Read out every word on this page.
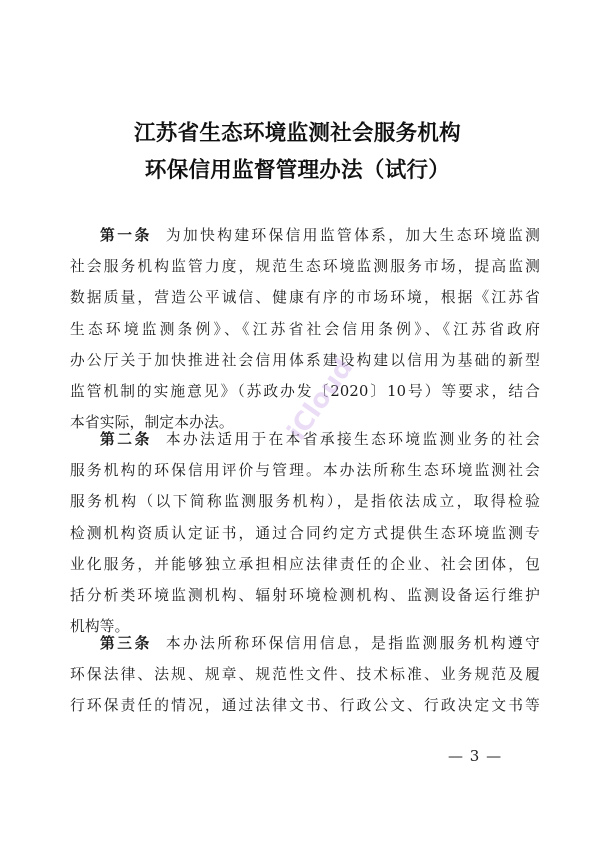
江苏省生态环境监测社会服务机构
环保信用监督管理办法（试行）
第一条 为加快构建环保信用监管体系，加大生态环境监测
社会服务机构监管力度，规范生态环境监测服务市场，提高监测
数据质量，营造公平诚信、健康有序的市场环境，根据《江苏省
生态环境监测条例》、《江苏省社会信用条例》、《江苏省政府
办公厅关于加快推进社会信用体系建设构建以信用为基础的新型
监管机制的实施意见》（苏政办发〔2020〕10号）等要求，结合
本省实际，制定本办法。
第二条 本办法适用于在本省承接生态环境监测业务的社会
服务机构的环保信用评价与管理。本办法所称生态环境监测社会
服务机构（以下简称监测服务机构），是指依法成立，取得检验
检测机构资质认定证书，通过合同约定方式提供生态环境监测专
业化服务，并能够独立承担相应法律责任的企业、社会团体，包
括分析类环境监测机构、辐射环境检测机构、监测设备运行维护
机构等。
第三条 本办法所称环保信用信息，是指监测服务机构遵守
环保法律、法规、规章、规范性文件、技术标准、业务规范及履
行环保责任的情况，通过法律文书、行政公文、行政决定文书等
iCloud
— 3 —
